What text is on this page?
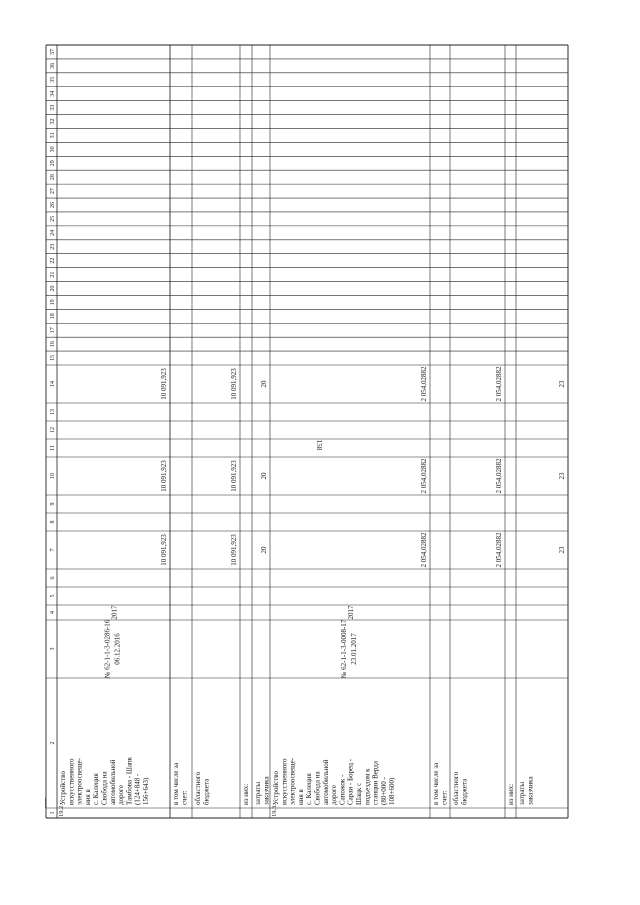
158
1
2
3
4
5
6
7
8
9
10
11
12
13
14
15
16
17
18
19
20
21
22
23
24
25
26
27
28
29
30
31
32
33
34
35
36
37
19.2.
Устройство искусственного электроосвеще- ния в с. Калеция Свобода на автомобильной дороге Тамбова - Шапк (124+848 - 156+643)
№ 62-1-1-3-0286-16 06.12.2016
2017
10 091,923
10 091,923
10 091,923
в том числе за счет: областного бюджета
10 091,923
10 091,923
10 091,923
из них: затраты заказчика
20
20
20
19.3.
Устройство искусственного электроосвеще- ния в с. Калеция Свобода на автомобильной дороге Сапожок - Сараи - Борец - Шацк с подъездом к станции Верда (80+000 - 108+600)
№ 62-1-1-3-0008-17 23.01.2017
2017
2 054,02882
2 054,02882
2 054,02882
в том числе за счет: областного бюджета
2 054,02882
2 054,02882
2 054,02882
из них: затраты заказчика
23
23
23
